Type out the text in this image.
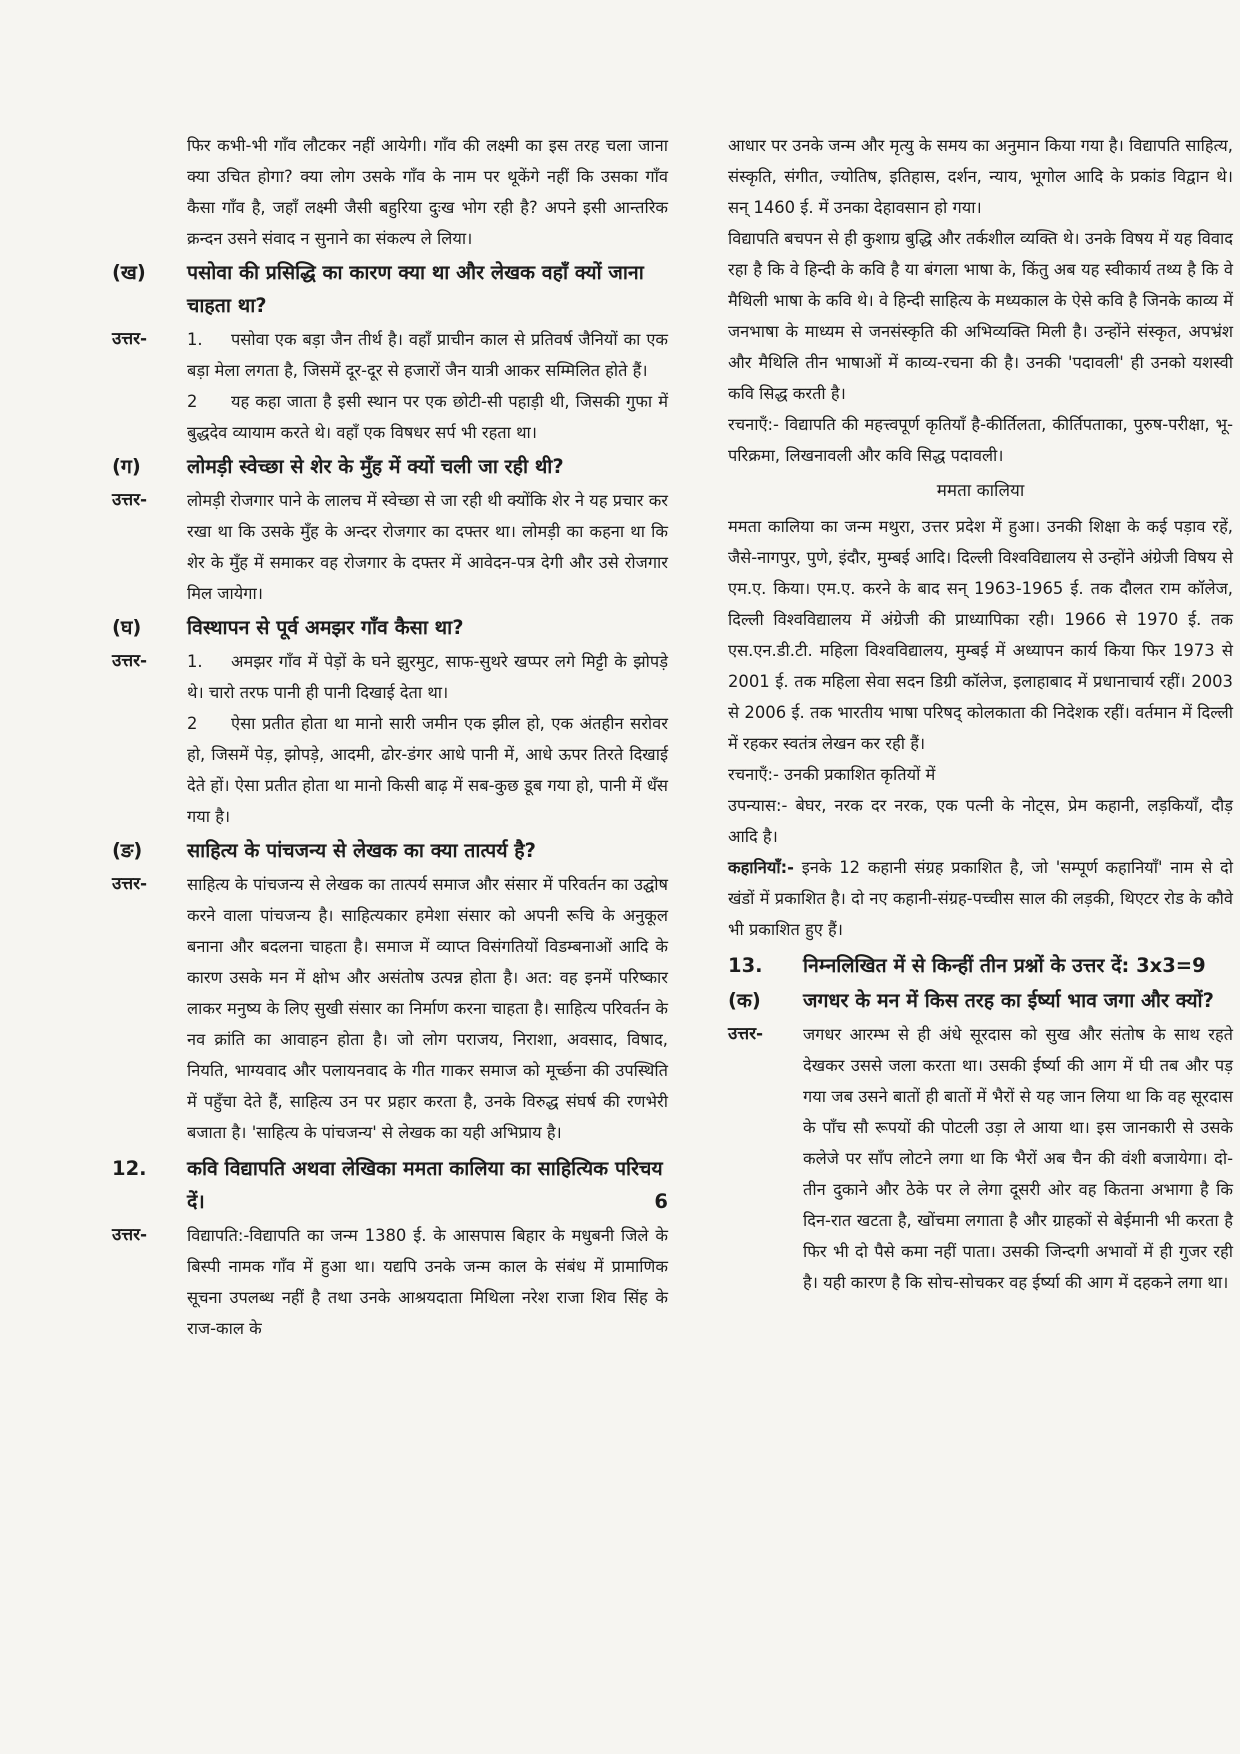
फिर कभी-भी गाँव लौटकर नहीं आयेगी। गाँव की लक्ष्मी का इस तरह चला जाना क्या उचित होगा? क्या लोग उसके गाँव के नाम पर थूकेंगे नहीं कि उसका गाँव कैसा गाँव है, जहाँ लक्ष्मी जैसी बहुरिया दुःख भोग रही है? अपने इसी आन्तरिक क्रन्दन उसने संवाद न सुनाने का संकल्प ले लिया।

(ख)	पसोवा की प्रसिद्धि का कारण क्या था और लेखक वहाँ क्यों जाना चाहता था?
उत्तर-	1. पसोवा एक बड़ा जैन तीर्थ है। वहाँ प्राचीन काल से प्रतिवर्ष जैनियों का एक बड़ा मेला लगता है, जिसमें दूर-दूर से हजारों जैन यात्री आकर सम्मिलित होते हैं।
2 यह कहा जाता है इसी स्थान पर एक छोटी-सी पहाड़ी थी, जिसकी गुफा में बुद्धदेव व्यायाम करते थे। वहाँ एक विषधर सर्प भी रहता था।
(ग)	लोमड़ी स्वेच्छा से शेर के मुँह में क्यों चली जा रही थी?
उत्तर-	लोमड़ी रोजगार पाने के लालच में स्वेच्छा से जा रही थी क्योंकि शेर ने यह प्रचार कर रखा था कि उसके मुँह के अन्दर रोजगार का दफ्तर था। लोमड़ी का कहना था कि शेर के मुँह में समाकर वह रोजगार के दफ्तर में आवेदन-पत्र देगी और उसे रोजगार मिल जायेगा।
(घ)	विस्थापन से पूर्व अमझर गाँव कैसा था?
उत्तर-	1. अमझर गाँव में पेड़ों के घने झुरमुट, साफ-सुथरे खप्पर लगे मिट्टी के झोपड़े थे। चारो तरफ पानी ही पानी दिखाई देता था।
2 ऐसा प्रतीत होता था मानो सारी जमीन एक झील हो, एक अंतहीन सरोवर हो, जिसमें पेड़, झोपड़े, आदमी, ढोर-डंगर आधे पानी में, आधे ऊपर तिरते दिखाई देते हों। ऐसा प्रतीत होता था मानो किसी बाढ़ में सब-कुछ डूब गया हो, पानी में धँस गया है।
(ङ)	साहित्य के पांचजन्य से लेखक का क्या तात्पर्य है?
उत्तर-	साहित्य के पांचजन्य से लेखक का तात्पर्य समाज और संसार में परिवर्तन का उद्घोष करने वाला पांचजन्य है। साहित्यकार हमेशा संसार को अपनी रूचि के अनुकूल बनाना और बदलना चाहता है। समाज में व्याप्त विसंगतियों विडम्बनाओं आदि के कारण उसके मन में क्षोभ और असंतोष उत्पन्न होता है। अत: वह इनमें परिष्कार लाकर मनुष्य के लिए सुखी संसार का निर्माण करना चाहता है। साहित्य परिवर्तन के नव क्रांति का आवाहन होता है। जो लोग पराजय, निराशा, अवसाद, विषाद, नियति, भाग्यवाद और पलायनवाद के गीत गाकर समाज को मूर्च्छना की उपस्थिति में पहुँचा देते हैं, साहित्य उन पर प्रहार करता है, उनके विरुद्ध संघर्ष की रणभेरी बजाता है। 'साहित्य के पांचजन्य' से लेखक का यही अभिप्राय है।
12.	कवि विद्यापति अथवा लेखिका ममता कालिया का साहित्यिक परिचय दें।	6
उत्तर-	विद्यापति:-विद्यापति का जन्म 1380 ई. के आसपास बिहार के मधुबनी जिले के बिस्पी नामक गाँव में हुआ था। यद्यपि उनके जन्म काल के संबंध में प्रामाणिक सूचना उपलब्ध नहीं है तथा उनके आश्रयदाता मिथिला नरेश राजा शिव सिंह के राज-काल के

आधार पर उनके जन्म और मृत्यु के समय का अनुमान किया गया है। विद्यापति साहित्य, संस्कृति, संगीत, ज्योतिष, इतिहास, दर्शन, न्याय, भूगोल आदि के प्रकांड विद्वान थे। सन् 1460 ई. में उनका देहावसान हो गया।

विद्यापति बचपन से ही कुशाग्र बुद्धि और तर्कशील व्यक्ति थे। उनके विषय में यह विवाद रहा है कि वे हिन्दी के कवि है या बंगला भाषा के, किंतु अब यह स्वीकार्य तथ्य है कि वे मैथिली भाषा के कवि थे। वे हिन्दी साहित्य के मध्यकाल के ऐसे कवि है जिनके काव्य में जनभाषा के माध्यम से जनसंस्कृति की अभिव्यक्ति मिली है। उन्होंने संस्कृत, अपभ्रंश और मैथिलि तीन भाषाओं में काव्य-रचना की है। उनकी 'पदावली' ही उनको यशस्वी कवि सिद्ध करती है।

रचनाएँ:- विद्यापति की महत्त्वपूर्ण कृतियाँ है-कीर्तिलता, कीर्तिपताका, पुरुष-परीक्षा, भू-परिक्रमा, लिखनावली और कवि सिद्ध पदावली।

ममता कालिया

ममता कालिया का जन्म मथुरा, उत्तर प्रदेश में हुआ। उनकी शिक्षा के कई पड़ाव रहें, जैसे-नागपुर, पुणे, इंदौर, मुम्बई आदि। दिल्ली विश्वविद्यालय से उन्होंने अंग्रेजी विषय से एम.ए. किया। एम.ए. करने के बाद सन् 1963-1965 ई. तक दौलत राम कॉलेज, दिल्ली विश्वविद्यालय में अंग्रेजी की प्राध्यापिका रही। 1966 से 1970 ई. तक एस.एन.डी.टी. महिला विश्वविद्यालय, मुम्बई में अध्यापन कार्य किया फिर 1973 से 2001 ई. तक महिला सेवा सदन डिग्री कॉलेज, इलाहाबाद में प्रधानाचार्य रहीं। 2003 से 2006 ई. तक भारतीय भाषा परिषद् कोलकाता की निदेशक रहीं। वर्तमान में दिल्ली में रहकर स्वतंत्र लेखन कर रही हैं।

रचनाएँ:- उनकी प्रकाशित कृतियों में

उपन्यास:- बेघर, नरक दर नरक, एक पत्नी के नोट्स, प्रेम कहानी, लड़कियाँ, दौड़ आदि है।

कहानियाँ:- इनके 12 कहानी संग्रह प्रकाशित है, जो 'सम्पूर्ण कहानियाँ' नाम से दो खंडों में प्रकाशित है। दो नए कहानी-संग्रह-पच्चीस साल की लड़की, थिएटर रोड के कौवे भी प्रकाशित हुए हैं।

13.	निम्नलिखित में से किन्हीं तीन प्रश्नों के उत्तर दें: 3x3=9
(क)	जगधर के मन में किस तरह का ईर्ष्या भाव जगा और क्यों?
उत्तर-	जगधर आरम्भ से ही अंधे सूरदास को सुख और संतोष के साथ रहते देखकर उससे जला करता था। उसकी ईर्ष्या की आग में घी तब और पड़ गया जब उसने बातों ही बातों में भैरों से यह जान लिया था कि वह सूरदास के पाँच सौ रूपयों की पोटली उड़ा ले आया था। इस जानकारी से उसके कलेजे पर साँप लोटने लगा था कि भैरों अब चैन की वंशी बजायेगा। दो-तीन दुकाने और ठेके पर ले लेगा दूसरी ओर वह कितना अभागा है कि दिन-रात खटता है, खोंचमा लगाता है और ग्राहकों से बेईमानी भी करता है फिर भी दो पैसे कमा नहीं पाता। उसकी जिन्दगी अभावों में ही गुजर रही है। यही कारण है कि सोच-सोचकर वह ईर्ष्या की आग में दहकने लगा था।
